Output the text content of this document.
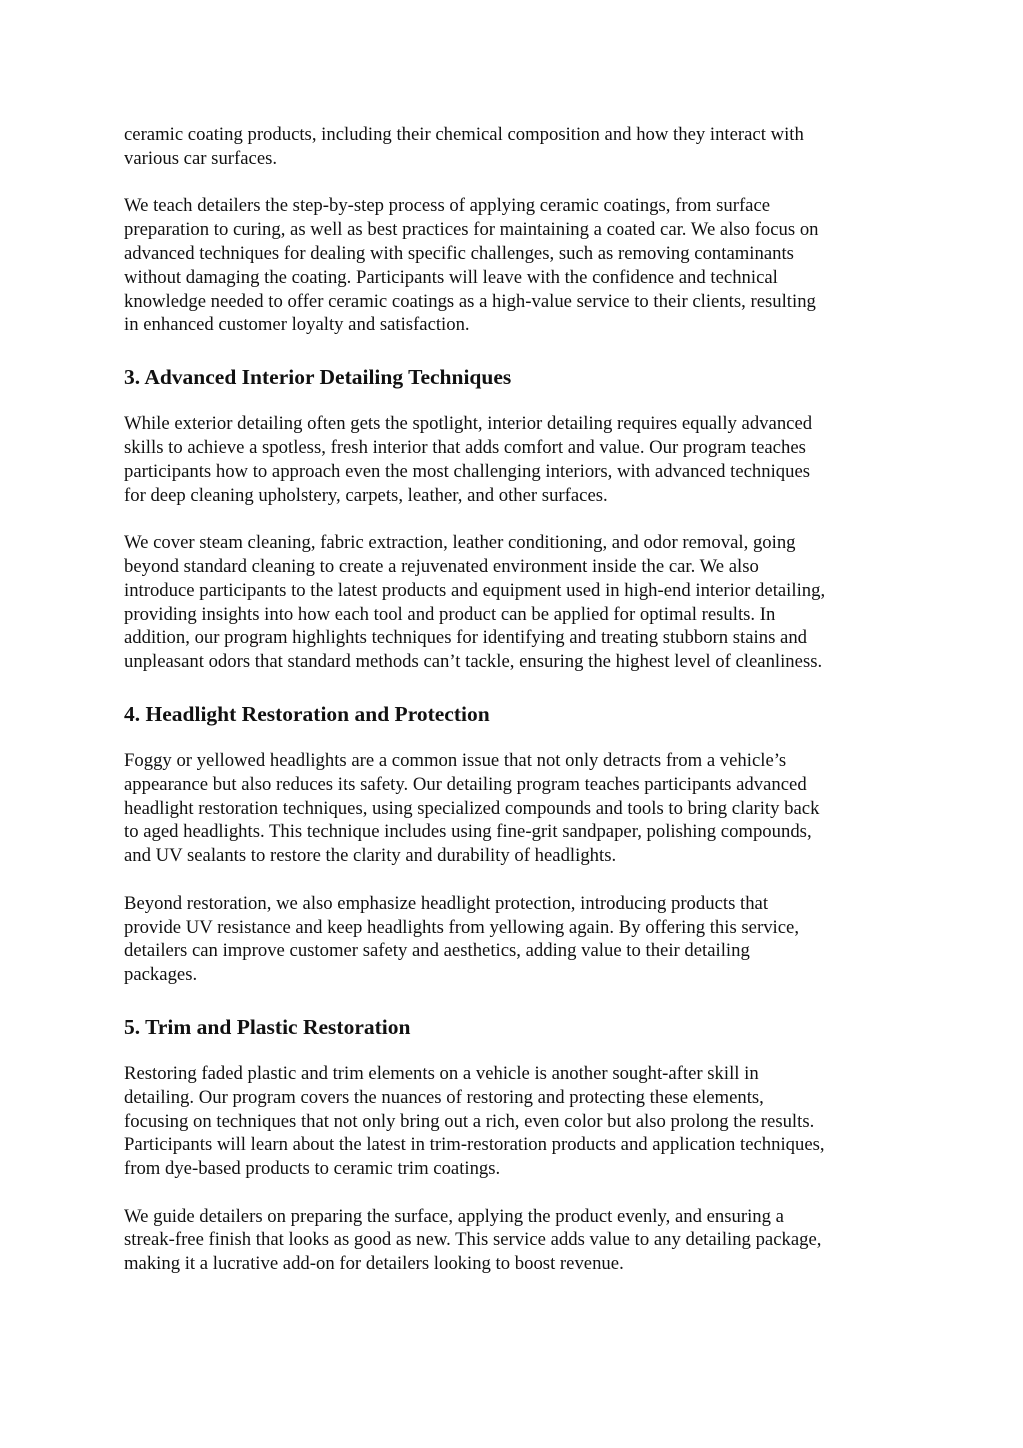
ceramic coating products, including their chemical composition and how they interact with
various car surfaces.

We teach detailers the step-by-step process of applying ceramic coatings, from surface
preparation to curing, as well as best practices for maintaining a coated car. We also focus on
advanced techniques for dealing with specific challenges, such as removing contaminants
without damaging the coating. Participants will leave with the confidence and technical
knowledge needed to offer ceramic coatings as a high-value service to their clients, resulting
in enhanced customer loyalty and satisfaction.

3. Advanced Interior Detailing Techniques

While exterior detailing often gets the spotlight, interior detailing requires equally advanced
skills to achieve a spotless, fresh interior that adds comfort and value. Our program teaches
participants how to approach even the most challenging interiors, with advanced techniques
for deep cleaning upholstery, carpets, leather, and other surfaces.

We cover steam cleaning, fabric extraction, leather conditioning, and odor removal, going
beyond standard cleaning to create a rejuvenated environment inside the car. We also
introduce participants to the latest products and equipment used in high-end interior detailing,
providing insights into how each tool and product can be applied for optimal results. In
addition, our program highlights techniques for identifying and treating stubborn stains and
unpleasant odors that standard methods can’t tackle, ensuring the highest level of cleanliness.

4. Headlight Restoration and Protection

Foggy or yellowed headlights are a common issue that not only detracts from a vehicle’s
appearance but also reduces its safety. Our detailing program teaches participants advanced
headlight restoration techniques, using specialized compounds and tools to bring clarity back
to aged headlights. This technique includes using fine-grit sandpaper, polishing compounds,
and UV sealants to restore the clarity and durability of headlights.

Beyond restoration, we also emphasize headlight protection, introducing products that
provide UV resistance and keep headlights from yellowing again. By offering this service,
detailers can improve customer safety and aesthetics, adding value to their detailing
packages.

5. Trim and Plastic Restoration

Restoring faded plastic and trim elements on a vehicle is another sought-after skill in
detailing. Our program covers the nuances of restoring and protecting these elements,
focusing on techniques that not only bring out a rich, even color but also prolong the results.
Participants will learn about the latest in trim-restoration products and application techniques,
from dye-based products to ceramic trim coatings.

We guide detailers on preparing the surface, applying the product evenly, and ensuring a
streak-free finish that looks as good as new. This service adds value to any detailing package,
making it a lucrative add-on for detailers looking to boost revenue.
